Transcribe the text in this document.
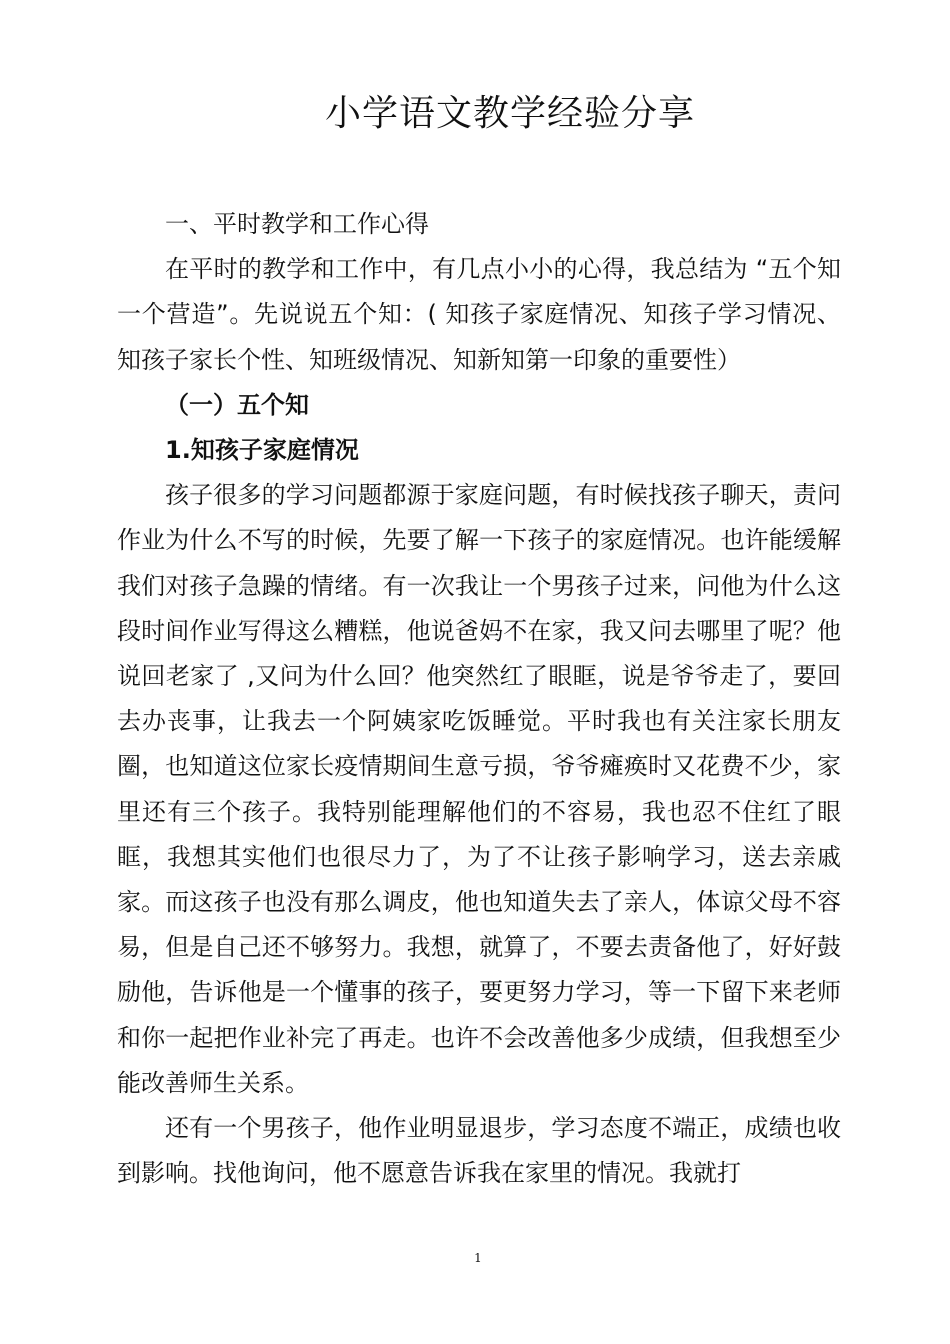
小学语文教学经验分享

一、平时教学和工作心得

在平时的教学和工作中，有几点小小的心得，我总结为 “五个知一个营造”。先说说五个知：( 知孩子家庭情况、知孩子学习情况、知孩子家长个性、知班级情况、知新知第一印象的重要性）

（一）五个知

1.知孩子家庭情况

孩子很多的学习问题都源于家庭问题，有时候找孩子聊天，责问作业为什么不写的时候，先要了解一下孩子的家庭情况。也许能缓解我们对孩子急躁的情绪。有一次我让一个男孩子过来，问他为什么这段时间作业写得这么糟糕，他说爸妈不在家，我又问去哪里了呢？他说回老家了 ,又问为什么回？他突然红了眼眶，说是爷爷走了，要回去办丧事，让我去一个阿姨家吃饭睡觉。平时我也有关注家长朋友圈，也知道这位家长疫情期间生意亏损，爷爷瘫痪时又花费不少，家里还有三个孩子。我特别能理解他们的不容易，我也忍不住红了眼眶，我想其实他们也很尽力了，为了不让孩子影响学习，送去亲戚家。而这孩子也没有那么调皮，他也知道失去了亲人，体谅父母不容易，但是自己还不够努力。我想，就算了，不要去责备他了，好好鼓励他，告诉他是一个懂事的孩子，要更努力学习，等一下留下来老师和你一起把作业补完了再走。也许不会改善他多少成绩，但我想至少能改善师生关系。

还有一个男孩子，他作业明显退步，学习态度不端正，成绩也收到影响。找他询问，他不愿意告诉我在家里的情况。我就打

1
